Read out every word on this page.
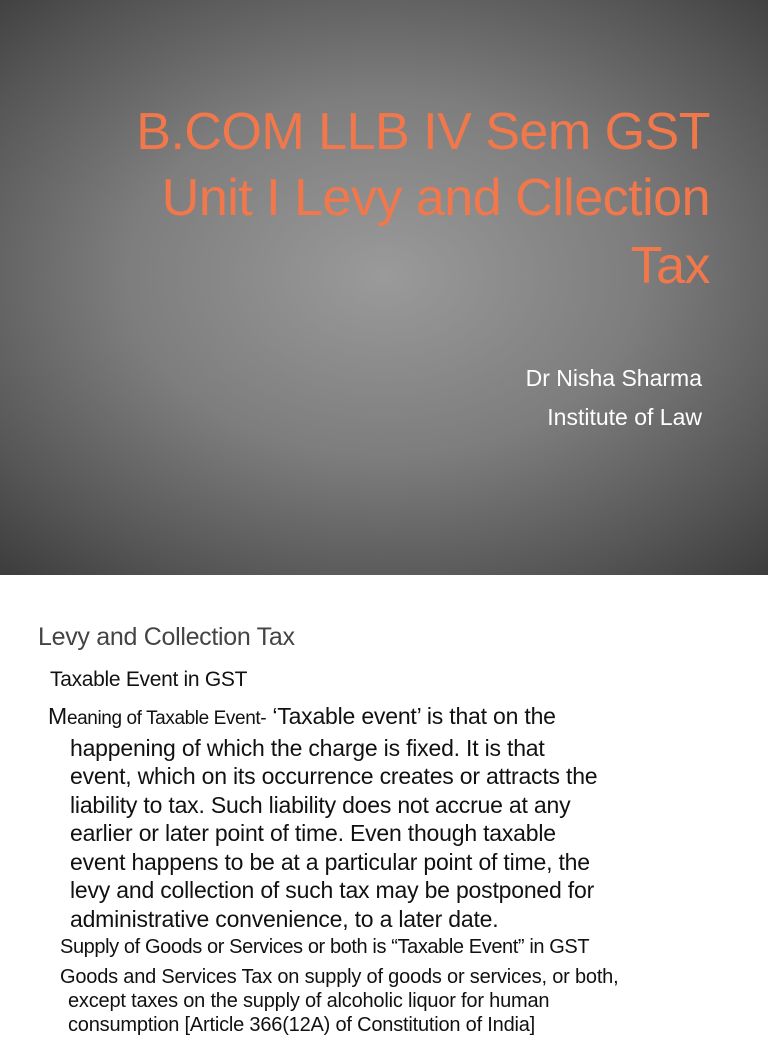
B.COM LLB IV Sem GST
Unit I Levy and Cllection
Tax
Dr Nisha Sharma
Institute of Law
Levy and Collection Tax
Taxable Event in GST
Meaning of Taxable Event- ‘Taxable event’ is that on the
happening of which the charge is fixed. It is that
event, which on its occurrence creates or attracts the
liability to tax. Such liability does not accrue at any
earlier or later point of time. Even though taxable
event happens to be at a particular point of time, the
levy and collection of such tax may be postponed for
administrative convenience, to a later date.
Supply of Goods or Services or both is “Taxable Event” in GST
Goods and Services Tax on supply of goods or services, or both,
except taxes on the supply of alcoholic liquor for human
consumption [Article 366(12A) of Constitution of India]
